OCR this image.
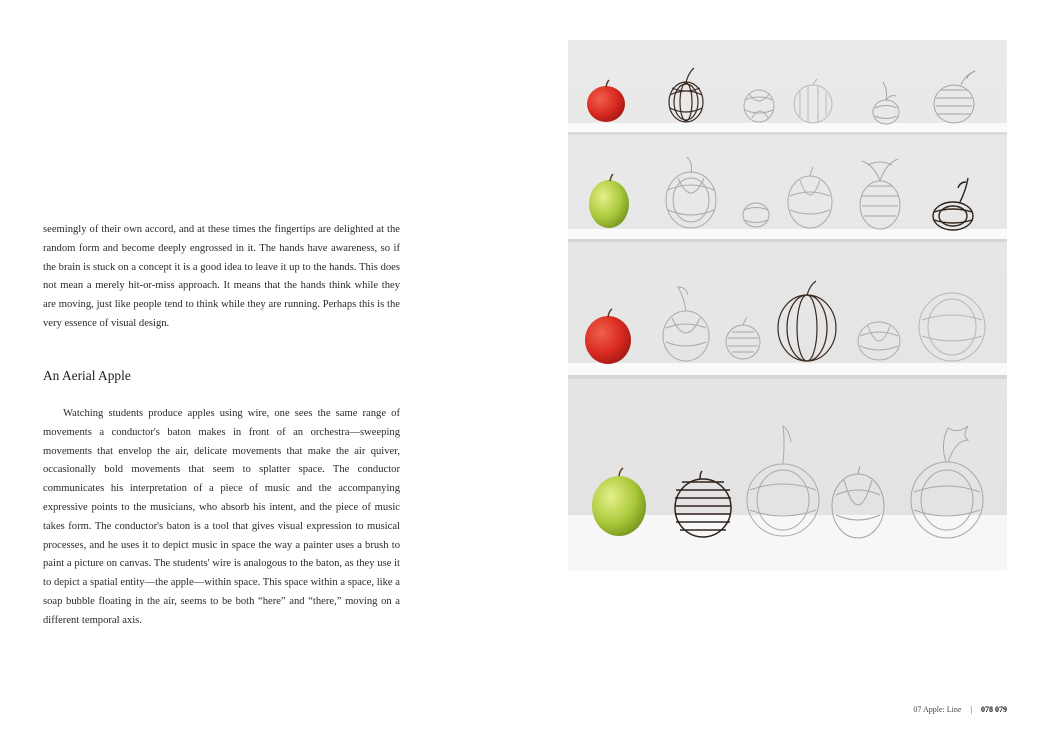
seemingly of their own accord, and at these times the fingertips are delighted at the random form and become deeply engrossed in it. The hands have awareness, so if the brain is stuck on a concept it is a good idea to leave it up to the hands. This does not mean a merely hit-or-miss approach. It means that the hands think while they are moving, just like people tend to think while they are running. Perhaps this is the very essence of visual design.

An Aerial Apple

Watching students produce apples using wire, one sees the same range of movements a conductor's baton makes in front of an orchestra—sweeping movements that envelop the air, delicate movements that make the air quiver, occasionally bold movements that seem to splatter space. The conductor communicates his interpretation of a piece of music and the accompanying expressive points to the musicians, who absorb his intent, and the piece of music takes form. The conductor's baton is a tool that gives visual expression to musical processes, and he uses it to depict music in space the way a painter uses a brush to paint a picture on canvas. The students' wire is analogous to the baton, as they use it to depict a spatial entity—the apple—within space. This space within a space, like a soap bubble floating in the air, seems to be both “here” and “there,” moving on a different temporal axis.

07 Apple: Line | 078 079
